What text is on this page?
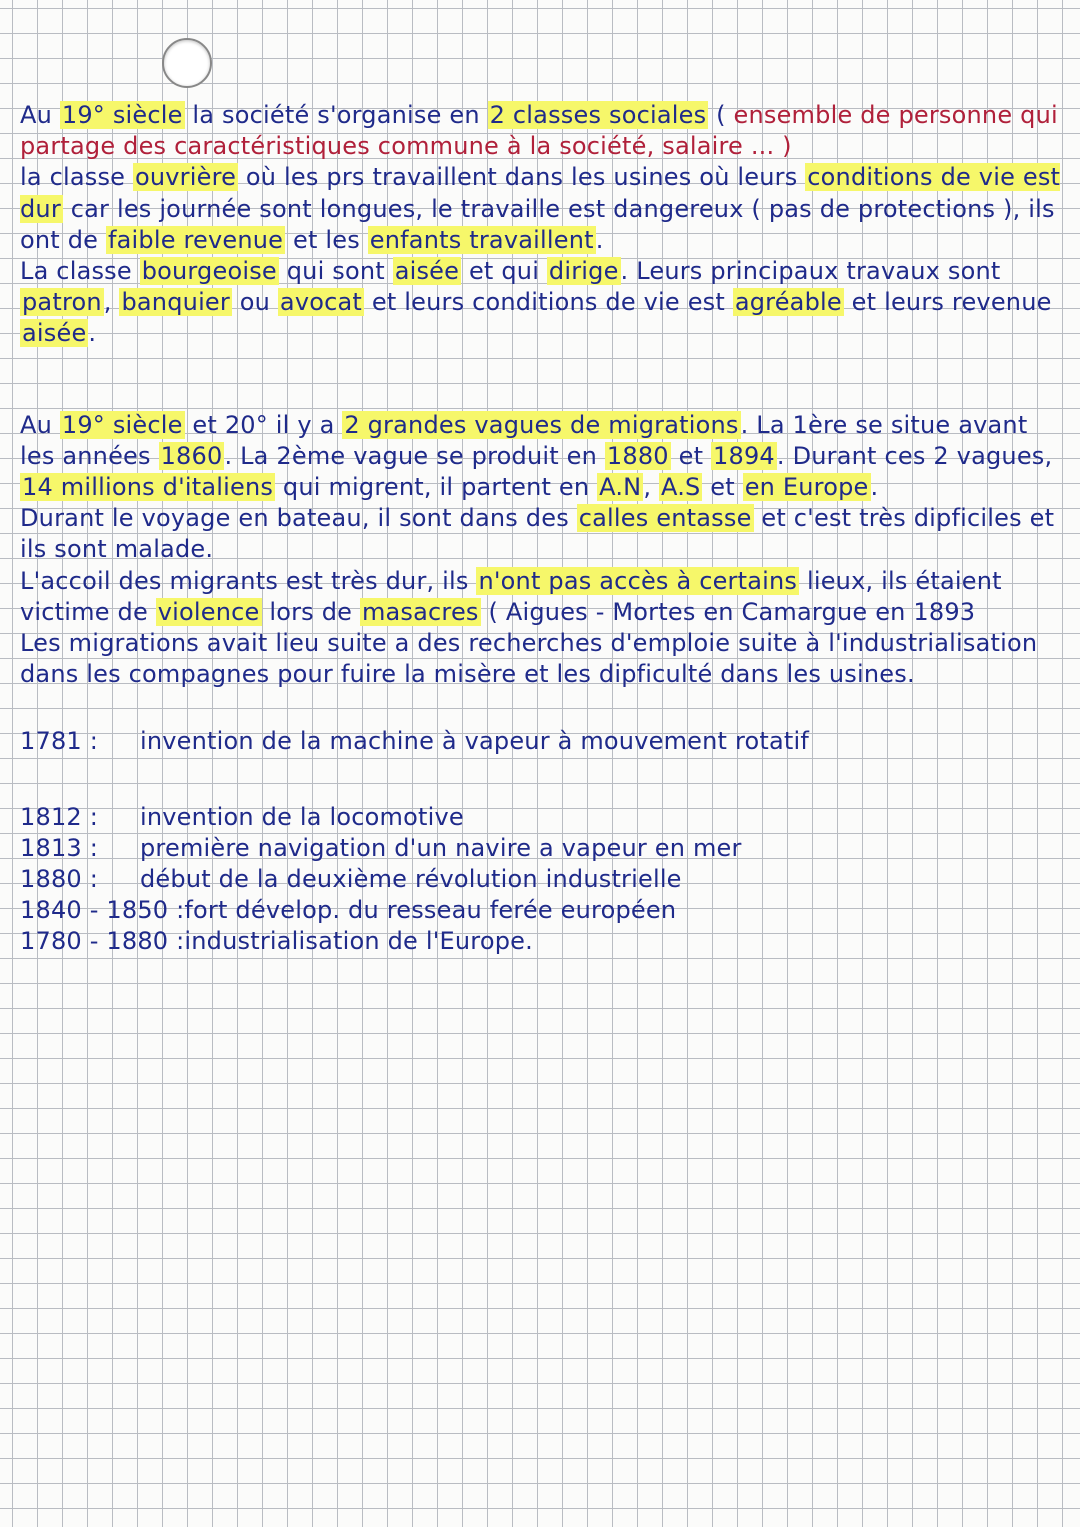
Au 19° siècle la société s'organise en 2 classes sociales ( ensemble de personne qui partage des caractéristiques commune à la société, salaire ... )
la classe ouvrière où les prs travaillent dans les usines où leurs conditions de vie est dur car les journée sont longues, le travaille est dangereux ( pas de protections ), ils ont de faible revenue et les enfants travaillent.

La classe bourgeoise qui sont aisée et qui dirige. Leurs principaux travaux sont patron, banquier ou avocat et leurs conditions de vie est agréable et leurs revenue aisée.

Au 19° siècle et 20° il y a 2 grandes vagues de migrations. La 1ère se situe avant les années 1860. La 2ème vague se produit en 1880 et 1894. Durant ces 2 vagues, 14 millions d'italiens qui migrent, il partent en A.N, A.S et en Europe.

Durant le voyage en bateau, il sont dans des calles entasse et c'est très dipficiles et ils sont malade.

L'accoil des migrants est très dur, ils n'ont pas accès à certains lieux, ils étaient victime de violence lors de masacres ( Aigues - Mortes en Camargue en 1893

Les migrations avait lieu suite a des recherches d'emploie suite à l'industrialisation dans les compagnes pour fuire la misère et les dipficulté dans les usines.

1781 :	invention de la machine à vapeur à mouvement rotatif
1812 :	invention de la locomotive
1813 :	première navigation d'un navire a vapeur en mer
1880 :	début de la deuxième révolution industrielle
1840 - 1850 : fort dévelop. du resseau ferée européen
1780 - 1880 : industrialisation de l'Europe.
